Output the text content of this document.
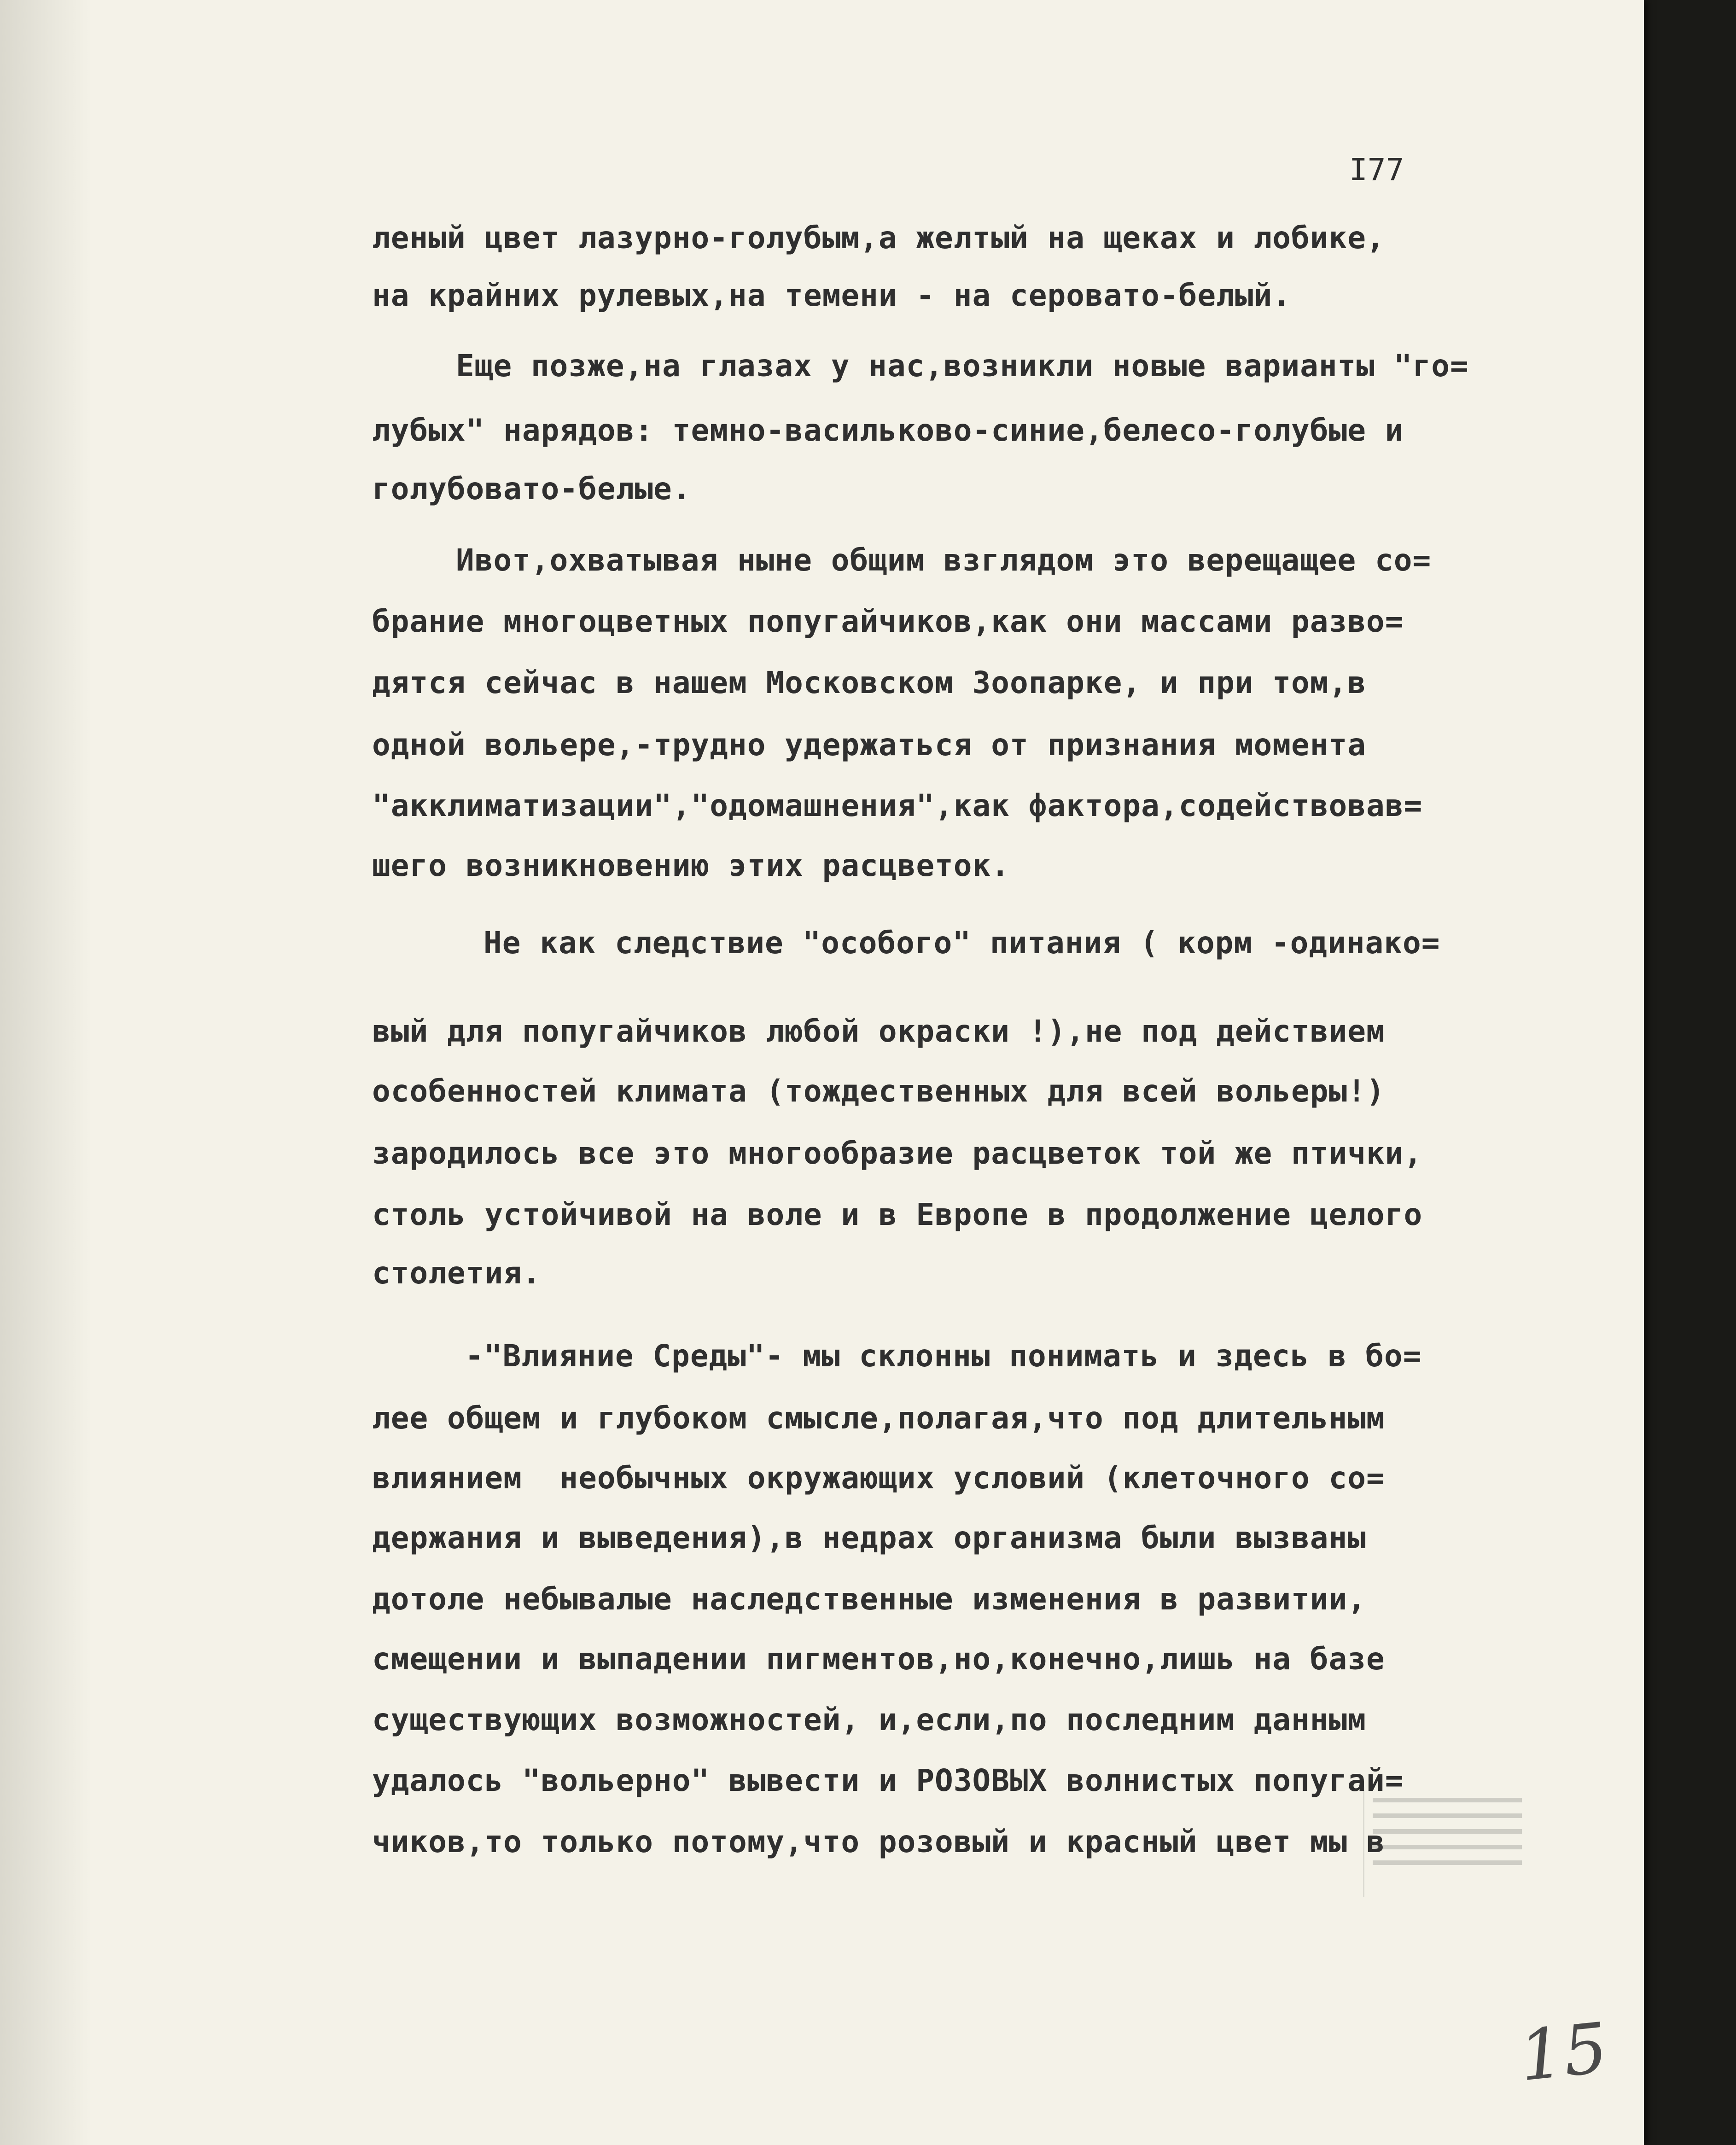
I77
леный цвет лазурно-голубым,а желтый на щеках и лобике,
на крайних рулевых,на темени - на серовато-белый.
Еще позже,на глазах у нас,возникли новые варианты "го=
лубых" нарядов: темно-васильково-синие,белесо-голубые и
голубовато-белые.
Ивот,охватывая ныне общим взглядом это верещащее со=
брание многоцветных попугайчиков,как они массами разво=
дятся сейчас в нашем Московском Зоопарке, и при том,в
одной вольере,-трудно удержаться от признания момента
"акклиматизации","одомашнения",как фактора,содействовав=
шего возникновению этих расцветок.
Не как следствие "особого" питания ( корм -одинако=
вый для попугайчиков любой окраски !),не под действием
особенностей климата (тождественных для всей вольеры!)
зародилось все это многообразие расцветок той же птички,
столь устойчивой на воле и в Европе в продолжение целого
столетия.
-"Влияние Среды"- мы склонны понимать и здесь в бо=
лее общем и глубоком смысле,полагая,что под длительным
влиянием  необычных окружающих условий (клеточного со=
держания и выведения),в недрах организма были вызваны
дотоле небывалые наследственные изменения в развитии,
смещении и выпадении пигментов,но,конечно,лишь на базе
существующих возможностей, и,если,по последним данным
удалось "вольерно" вывести и РОЗОВЫХ волнистых попугай=
чиков,то только потому,что розовый и красный цвет мы в
15
